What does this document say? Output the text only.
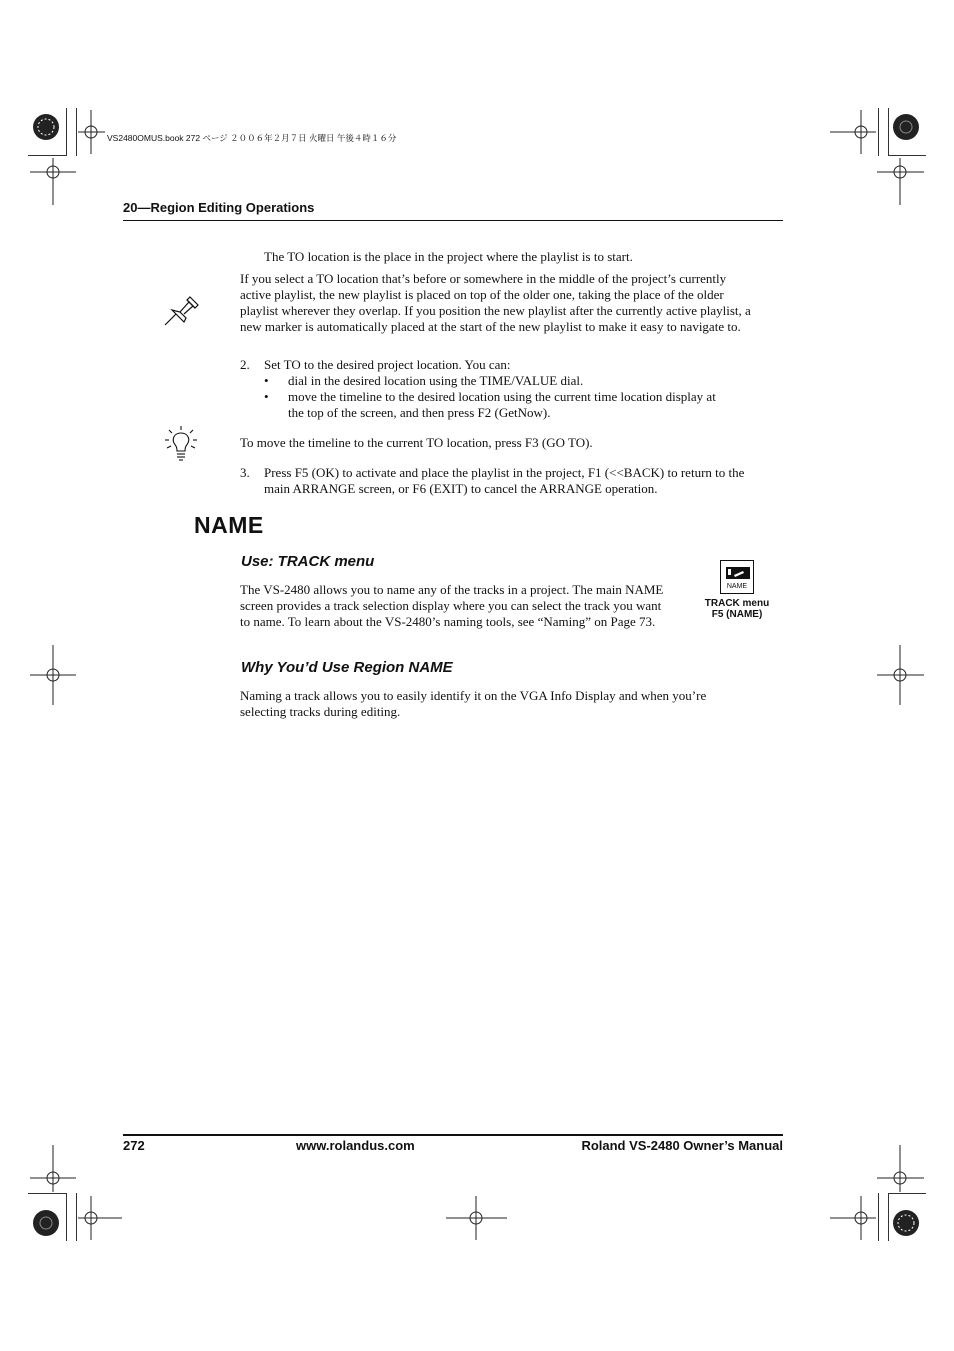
VS2480OMUS.book 272 ページ ２００６年２月７日 火曜日 午後４時１６分
20—Region Editing Operations
The TO location is the place in the project where the playlist is to start.

If you select a TO location that’s before or somewhere in the middle of the project’s currently active playlist, the new playlist is placed on top of the older one, taking the place of the older playlist wherever they overlap. If you position the new playlist after the currently active playlist, a new marker is automatically placed at the start of the new playlist to make it easy to navigate to.

2. Set TO to the desired project location. You can:
• dial in the desired location using the TIME/VALUE dial.
• move the timeline to the desired location using the current time location display at the top of the screen, and then press F2 (GetNow).
To move the timeline to the current TO location, press F3 (GO TO).
3. Press F5 (OK) to activate and place the playlist in the project, F1 (<<BACK) to return to the main ARRANGE screen, or F6 (EXIT) to cancel the ARRANGE operation.
NAME
Use: TRACK menu

The VS-2480 allows you to name any of the tracks in a project. The main NAME screen provides a track selection display where you can select the track you want to name. To learn about the VS-2480’s naming tools, see “Naming” on Page 73.

NAME
TRACK menu
F5 (NAME)
Why You’d Use Region NAME

Naming a track allows you to easily identify it on the VGA Info Display and when you’re selecting tracks during editing.

272	www.rolandus.com	Roland VS-2480 Owner’s Manual
